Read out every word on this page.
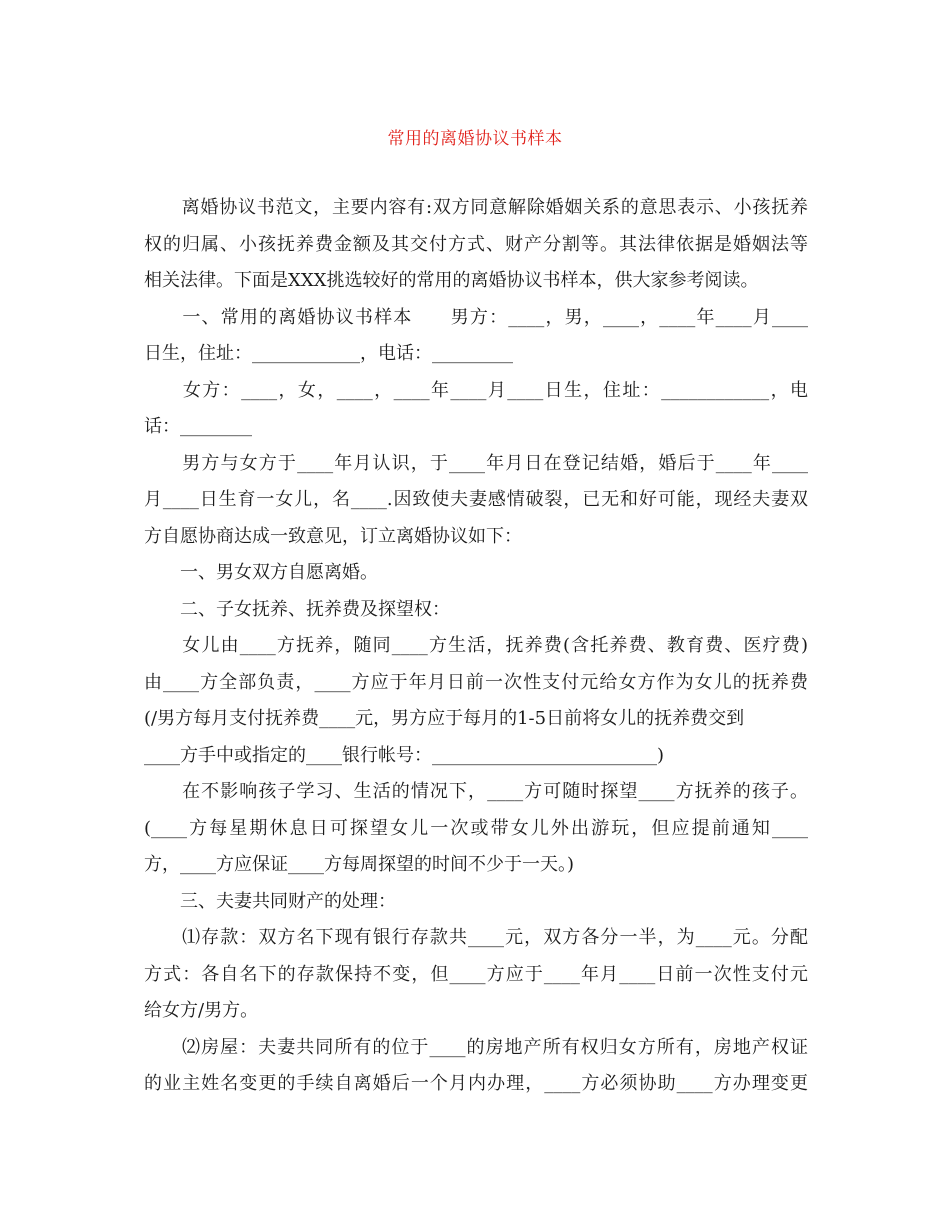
常用的离婚协议书样本
　　离婚协议书范文，主要内容有:双方同意解除婚姻关系的意思表示、小孩抚养
权的归属、小孩抚养费金额及其交付方式、财产分割等。其法律依据是婚姻法等
相关法律。下面是XXX挑选较好的常用的离婚协议书样本，供大家参考阅读。
　　一、常用的离婚协议书样本　　男方：____，男，____，____年____月____
日生，住址：____________，电话：_________
　　女方：____，女，____，____年____月____日生，住址：____________，电
话：________
　　男方与女方于____年月认识，于____年月日在登记结婚，婚后于____年____
月____日生育一女儿，名____.因致使夫妻感情破裂，已无和好可能，现经夫妻双
方自愿协商达成一致意见，订立离婚协议如下：
　　一、男女双方自愿离婚。
　　二、子女抚养、抚养费及探望权：
　　女儿由____方抚养，随同____方生活，抚养费(含托养费、教育费、医疗费)
由____方全部负责，____方应于年月日前一次性支付元给女方作为女儿的抚养费
(/男方每月支付抚养费____元，男方应于每月的1-5日前将女儿的抚养费交到
____方手中或指定的____银行帐号：_________________________)
　　在不影响孩子学习、生活的情况下，____方可随时探望____方抚养的孩子。
(____方每星期休息日可探望女儿一次或带女儿外出游玩，但应提前通知____
方，____方应保证____方每周探望的时间不少于一天。)
　　三、夫妻共同财产的处理：
　　⑴存款：双方名下现有银行存款共____元，双方各分一半，为____元。分配
方式：各自名下的存款保持不变，但____方应于____年月____日前一次性支付元
给女方/男方。
　　⑵房屋：夫妻共同所有的位于____的房地产所有权归女方所有，房地产权证
的业主姓名变更的手续自离婚后一个月内办理，____方必须协助____方办理变更
